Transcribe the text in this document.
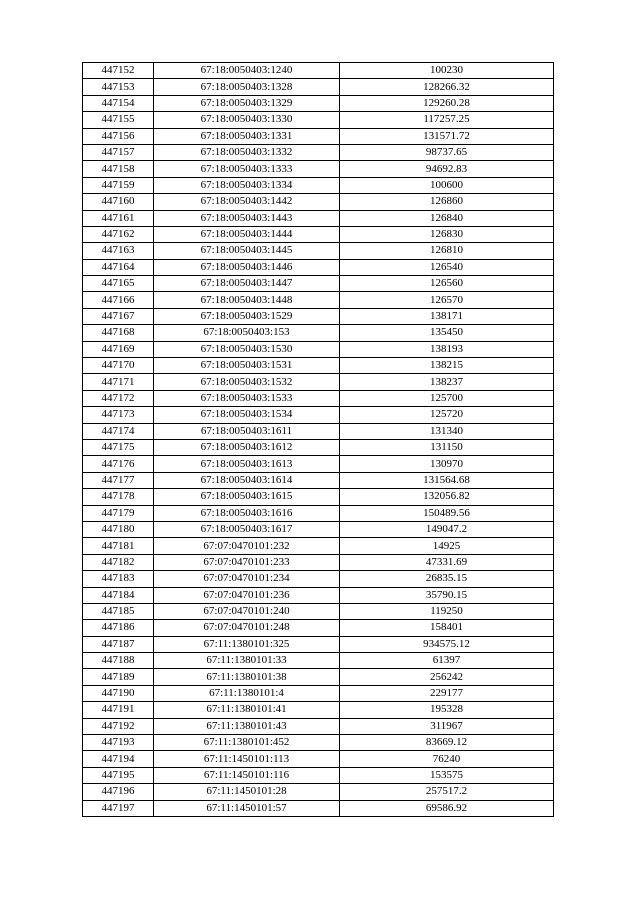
447152	67:18:0050403:1240	100230
447153	67:18:0050403:1328	128266.32
447154	67:18:0050403:1329	129260.28
447155	67:18:0050403:1330	117257.25
447156	67:18:0050403:1331	131571.72
447157	67:18:0050403:1332	98737.65
447158	67:18:0050403:1333	94692.83
447159	67:18:0050403:1334	100600
447160	67:18:0050403:1442	126860
447161	67:18:0050403:1443	126840
447162	67:18:0050403:1444	126830
447163	67:18:0050403:1445	126810
447164	67:18:0050403:1446	126540
447165	67:18:0050403:1447	126560
447166	67:18:0050403:1448	126570
447167	67:18:0050403:1529	138171
447168	67:18:0050403:153	135450
447169	67:18:0050403:1530	138193
447170	67:18:0050403:1531	138215
447171	67:18:0050403:1532	138237
447172	67:18:0050403:1533	125700
447173	67:18:0050403:1534	125720
447174	67:18:0050403:1611	131340
447175	67:18:0050403:1612	131150
447176	67:18:0050403:1613	130970
447177	67:18:0050403:1614	131564.68
447178	67:18:0050403:1615	132056.82
447179	67:18:0050403:1616	150489.56
447180	67:18:0050403:1617	149047.2
447181	67:07:0470101:232	14925
447182	67:07:0470101:233	47331.69
447183	67:07:0470101:234	26835.15
447184	67:07:0470101:236	35790.15
447185	67:07:0470101:240	119250
447186	67:07:0470101:248	158401
447187	67:11:1380101:325	934575.12
447188	67:11:1380101:33	61397
447189	67:11:1380101:38	256242
447190	67:11:1380101:4	229177
447191	67:11:1380101:41	195328
447192	67:11:1380101:43	311967
447193	67:11:1380101:452	83669.12
447194	67:11:1450101:113	76240
447195	67:11:1450101:116	153575
447196	67:11:1450101:28	257517.2
447197	67:11:1450101:57	69586.92
